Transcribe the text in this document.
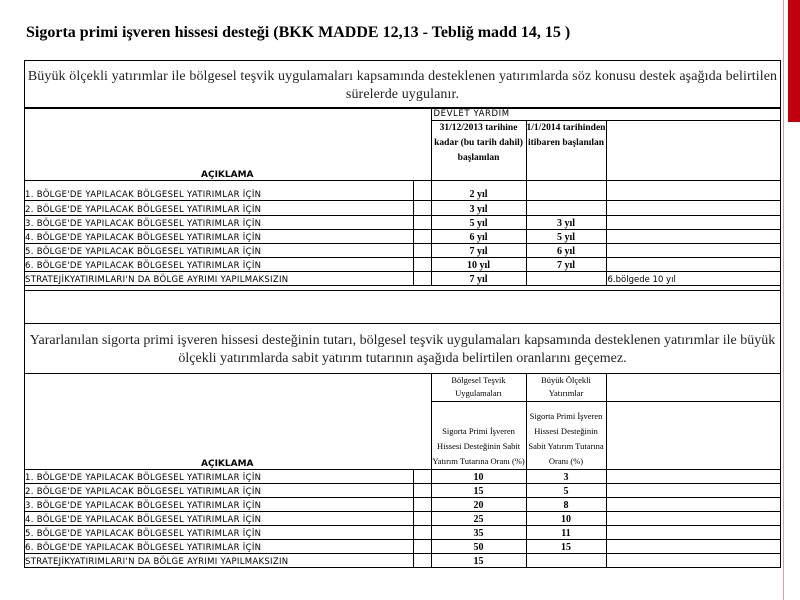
Sigorta primi işveren hissesi desteği (BKK MADDE 12,13 - Tebliğ madd 14, 15 )
Büyük ölçekli yatırımlar ile bölgesel teşvik uygulamaları kapsamında desteklenen yatırımlarda söz konusu destek aşağıda belirtilen sürelerde uygulanır.
AÇIKLAMA		DEVLET YARDIM		
		31/12/2013 tarihine kadar (bu tarih dahil) başlanılan	1/1/2014 tarihinden itibaren başlanılan	
1. BÖLGE'DE YAPILACAK BÖLGESEL YATIRIMLAR İÇİN		2 yıl		
2. BÖLGE'DE YAPILACAK BÖLGESEL YATIRIMLAR İÇİN		3 yıl		
3. BÖLGE'DE YAPILACAK BÖLGESEL YATIRIMLAR İÇİN		5 yıl	3 yıl	
4. BÖLGE'DE YAPILACAK BÖLGESEL YATIRIMLAR İÇİN		6 yıl	5 yıl	
5. BÖLGE'DE YAPILACAK BÖLGESEL YATIRIMLAR İÇİN		7 yıl	6 yıl	
6. BÖLGE'DE YAPILACAK BÖLGESEL YATIRIMLAR İÇİN		10 yıl	7 yıl	
STRATEJİKYATIRIMLARI'N DA BÖLGE AYRIMI YAPILMAKSIZIN		7 yıl		6.bölgede 10 yıl
Yararlanılan sigorta primi işveren hissesi desteğinin tutarı, bölgesel teşvik uygulamaları kapsamında desteklenen yatırımlar ile büyük ölçekli yatırımlarda sabit yatırım tutarının aşağıda belirtilen oranlarını geçemez.
AÇIKLAMA		Bölgesel Teşvik Uygulamaları	Büyük Ölçekli Yatırımlar	
		Sigorta Primi İşveren Hissesi Desteğinin Sabit Yatırım Tutarına Oranı (%)	Sigorta Primi İşveren Hissesi Desteğinin Sabit Yatırım Tutarına Oranı (%)	
1. BÖLGE'DE YAPILACAK BÖLGESEL YATIRIMLAR İÇİN		10	3	
2. BÖLGE'DE YAPILACAK BÖLGESEL YATIRIMLAR İÇİN		15	5	
3. BÖLGE'DE YAPILACAK BÖLGESEL YATIRIMLAR İÇİN		20	8	
4. BÖLGE'DE YAPILACAK BÖLGESEL YATIRIMLAR İÇİN		25	10	
5. BÖLGE'DE YAPILACAK BÖLGESEL YATIRIMLAR İÇİN		35	11	
6. BÖLGE'DE YAPILACAK BÖLGESEL YATIRIMLAR İÇİN		50	15	
STRATEJİKYATIRIMLARI'N DA BÖLGE AYRIMI YAPILMAKSIZIN		15		
